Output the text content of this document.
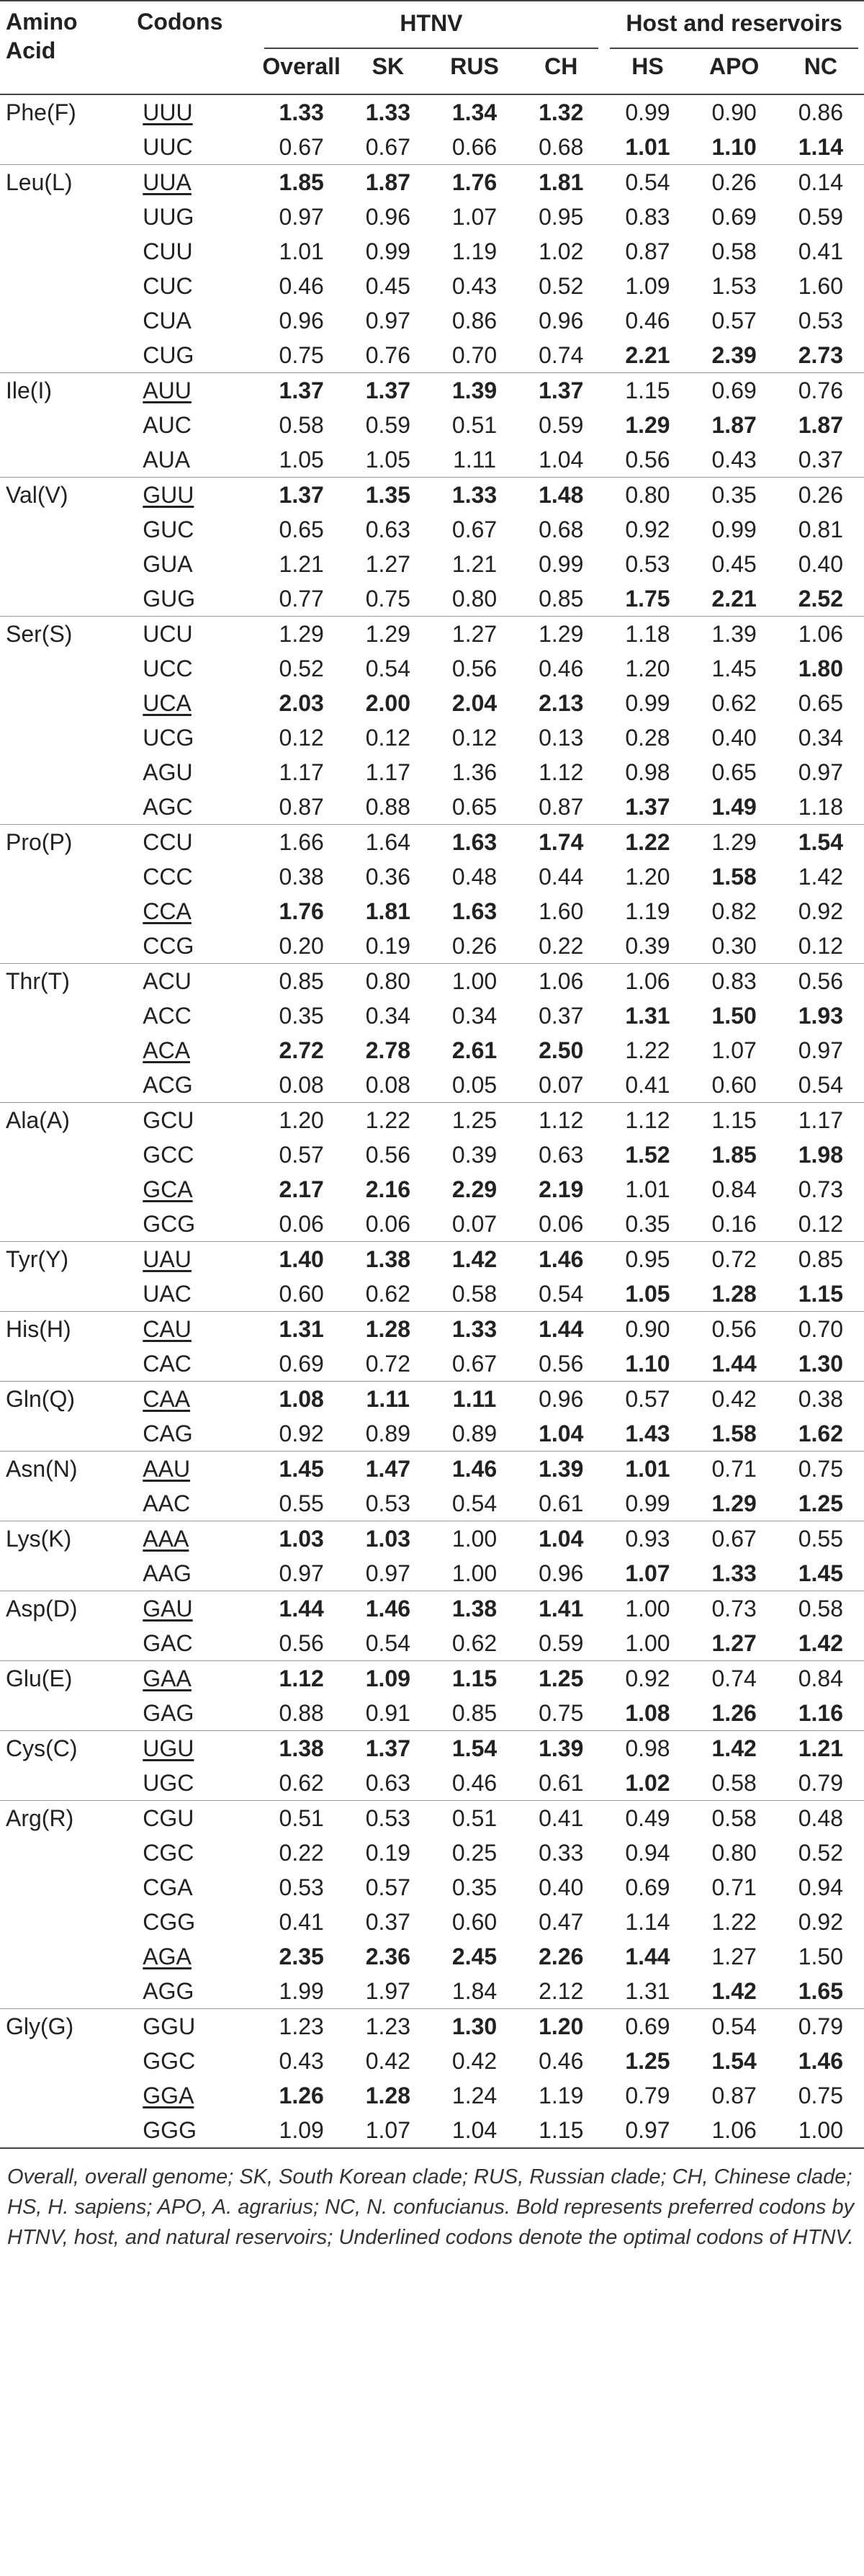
Amino Acid	Codons	HTNV				Host and reservoirs		

		Overall	SK	RUS	CH	HS	APO	NC
Phe(F)	UUU	1.33	1.33	1.34	1.32	0.99	0.90	0.86
	UUC	0.67	0.67	0.66	0.68	1.01	1.10	1.14
Leu(L)	UUA	1.85	1.87	1.76	1.81	0.54	0.26	0.14
	UUG	0.97	0.96	1.07	0.95	0.83	0.69	0.59
	CUU	1.01	0.99	1.19	1.02	0.87	0.58	0.41
	CUC	0.46	0.45	0.43	0.52	1.09	1.53	1.60
	CUA	0.96	0.97	0.86	0.96	0.46	0.57	0.53
	CUG	0.75	0.76	0.70	0.74	2.21	2.39	2.73
Ile(I)	AUU	1.37	1.37	1.39	1.37	1.15	0.69	0.76
	AUC	0.58	0.59	0.51	0.59	1.29	1.87	1.87
	AUA	1.05	1.05	1.11	1.04	0.56	0.43	0.37
Val(V)	GUU	1.37	1.35	1.33	1.48	0.80	0.35	0.26
	GUC	0.65	0.63	0.67	0.68	0.92	0.99	0.81
	GUA	1.21	1.27	1.21	0.99	0.53	0.45	0.40
	GUG	0.77	0.75	0.80	0.85	1.75	2.21	2.52
Ser(S)	UCU	1.29	1.29	1.27	1.29	1.18	1.39	1.06
	UCC	0.52	0.54	0.56	0.46	1.20	1.45	1.80
	UCA	2.03	2.00	2.04	2.13	0.99	0.62	0.65
	UCG	0.12	0.12	0.12	0.13	0.28	0.40	0.34
	AGU	1.17	1.17	1.36	1.12	0.98	0.65	0.97
	AGC	0.87	0.88	0.65	0.87	1.37	1.49	1.18
Pro(P)	CCU	1.66	1.64	1.63	1.74	1.22	1.29	1.54
	CCC	0.38	0.36	0.48	0.44	1.20	1.58	1.42
	CCA	1.76	1.81	1.63	1.60	1.19	0.82	0.92
	CCG	0.20	0.19	0.26	0.22	0.39	0.30	0.12
Thr(T)	ACU	0.85	0.80	1.00	1.06	1.06	0.83	0.56
	ACC	0.35	0.34	0.34	0.37	1.31	1.50	1.93
	ACA	2.72	2.78	2.61	2.50	1.22	1.07	0.97
	ACG	0.08	0.08	0.05	0.07	0.41	0.60	0.54
Ala(A)	GCU	1.20	1.22	1.25	1.12	1.12	1.15	1.17
	GCC	0.57	0.56	0.39	0.63	1.52	1.85	1.98
	GCA	2.17	2.16	2.29	2.19	1.01	0.84	0.73
	GCG	0.06	0.06	0.07	0.06	0.35	0.16	0.12
Tyr(Y)	UAU	1.40	1.38	1.42	1.46	0.95	0.72	0.85
	UAC	0.60	0.62	0.58	0.54	1.05	1.28	1.15
His(H)	CAU	1.31	1.28	1.33	1.44	0.90	0.56	0.70
	CAC	0.69	0.72	0.67	0.56	1.10	1.44	1.30
Gln(Q)	CAA	1.08	1.11	1.11	0.96	0.57	0.42	0.38
	CAG	0.92	0.89	0.89	1.04	1.43	1.58	1.62
Asn(N)	AAU	1.45	1.47	1.46	1.39	1.01	0.71	0.75
	AAC	0.55	0.53	0.54	0.61	0.99	1.29	1.25
Lys(K)	AAA	1.03	1.03	1.00	1.04	0.93	0.67	0.55
	AAG	0.97	0.97	1.00	0.96	1.07	1.33	1.45
Asp(D)	GAU	1.44	1.46	1.38	1.41	1.00	0.73	0.58
	GAC	0.56	0.54	0.62	0.59	1.00	1.27	1.42
Glu(E)	GAA	1.12	1.09	1.15	1.25	0.92	0.74	0.84
	GAG	0.88	0.91	0.85	0.75	1.08	1.26	1.16
Cys(C)	UGU	1.38	1.37	1.54	1.39	0.98	1.42	1.21
	UGC	0.62	0.63	0.46	0.61	1.02	0.58	0.79
Arg(R)	CGU	0.51	0.53	0.51	0.41	0.49	0.58	0.48
	CGC	0.22	0.19	0.25	0.33	0.94	0.80	0.52
	CGA	0.53	0.57	0.35	0.40	0.69	0.71	0.94
	CGG	0.41	0.37	0.60	0.47	1.14	1.22	0.92
	AGA	2.35	2.36	2.45	2.26	1.44	1.27	1.50
	AGG	1.99	1.97	1.84	2.12	1.31	1.42	1.65
Gly(G)	GGU	1.23	1.23	1.30	1.20	0.69	0.54	0.79
	GGC	0.43	0.42	0.42	0.46	1.25	1.54	1.46
	GGA	1.26	1.28	1.24	1.19	0.79	0.87	0.75
	GGG	1.09	1.07	1.04	1.15	0.97	1.06	1.00
Overall, overall genome; SK, South Korean clade; RUS, Russian clade; CH, Chinese clade; HS, H. sapiens; APO, A. agrarius; NC, N. confucianus. Bold represents preferred codons by HTNV, host, and natural reservoirs; Underlined codons denote the optimal codons of HTNV.
